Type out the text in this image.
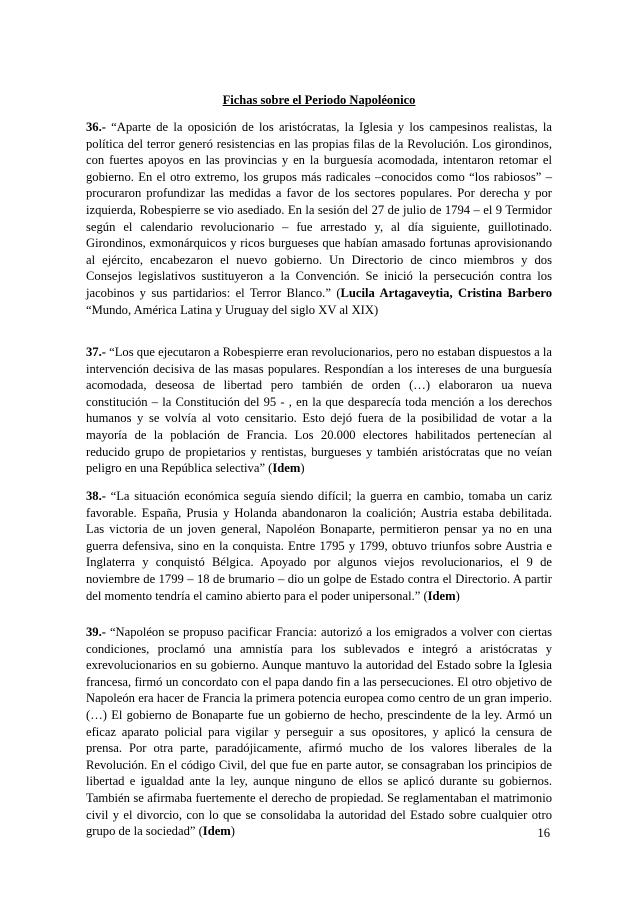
Fichas sobre el Periodo Napoléonico

36.- “Aparte de la oposición de los aristócratas, la Iglesia y los campesinos realistas, la política del terror generó resistencias en las propias filas de la Revolución. Los girondinos, con fuertes apoyos en las provincias y en la burguesía acomodada, intentaron retomar el gobierno. En el otro extremo, los grupos más radicales –conocidos como “los rabiosos” – procuraron profundizar las medidas a favor de los sectores populares. Por derecha y por izquierda, Robespierre se vio asediado. En la sesión del 27 de julio de 1794 – el 9 Termidor según el calendario revolucionario – fue arrestado y, al día siguiente, guillotinado. Girondinos, exmonárquicos y ricos burgueses que habían amasado fortunas aprovisionando al ejército, encabezaron el nuevo gobierno. Un Directorio de cinco miembros y dos Consejos legislativos sustituyeron a la Convención. Se inició la persecución contra los jacobinos y sus partidarios: el Terror Blanco.” (Lucila Artagaveytia, Cristina Barbero “Mundo, América Latina y Uruguay del siglo XV al XIX)

37.- “Los que ejecutaron a Robespierre eran revolucionarios, pero no estaban dispuestos a la intervención decisiva de las masas populares. Respondían a los intereses de una burguesía acomodada, deseosa de libertad pero también de orden (…) elaboraron ua nueva constitución – la Constitución del 95 - , en la que desparecía toda mención a los derechos humanos y se volvía al voto censitario. Esto dejó fuera de la posibilidad de votar a la mayoría de la población de Francia. Los 20.000 electores habilitados pertenecían al reducido grupo de propietarios y rentistas, burgueses y también aristócratas que no veían peligro en una República selectiva” (Idem)

38.- “La situación económica seguía siendo difícil; la guerra en cambio, tomaba un cariz favorable. España, Prusia y Holanda abandonaron la coalición; Austria estaba debilitada. Las victoria de un joven general, Napoléon Bonaparte, permitieron pensar ya no en una guerra defensiva, sino en la conquista. Entre 1795 y 1799, obtuvo triunfos sobre Austria e Inglaterra y conquistó Bélgica. Apoyado por algunos viejos revolucionarios, el 9 de noviembre de 1799 – 18 de brumario – dio un golpe de Estado contra el Directorio. A partir del momento tendría el camino abierto para el poder unipersonal.” (Idem)

39.- “Napoléon se propuso pacificar Francia: autorizó a los emigrados a volver con ciertas condiciones, proclamó una amnistía para los sublevados e integró a aristócratas y exrevolucionarios en su gobierno. Aunque mantuvo la autoridad del Estado sobre la Iglesia francesa, firmó un concordato con el papa dando fin a las persecuciones. El otro objetivo de Napoleón era hacer de Francia la primera potencia europea como centro de un gran imperio. (…) El gobierno de Bonaparte fue un gobierno de hecho, prescindente de la ley. Armó un eficaz aparato policial para vigilar y perseguir a sus opositores, y aplicó la censura de prensa. Por otra parte, paradójicamente, afirmó mucho de los valores liberales de la Revolución. En el código Civil, del que fue en parte autor, se consagraban los principios de libertad e igualdad ante la ley, aunque ninguno de ellos se aplicó durante su gobiernos. También se afirmaba fuertemente el derecho de propiedad. Se reglamentaban el matrimonio civil y el divorcio, con lo que se consolidaba la autoridad del Estado sobre cualquier otro grupo de la sociedad” (Idem)	16
